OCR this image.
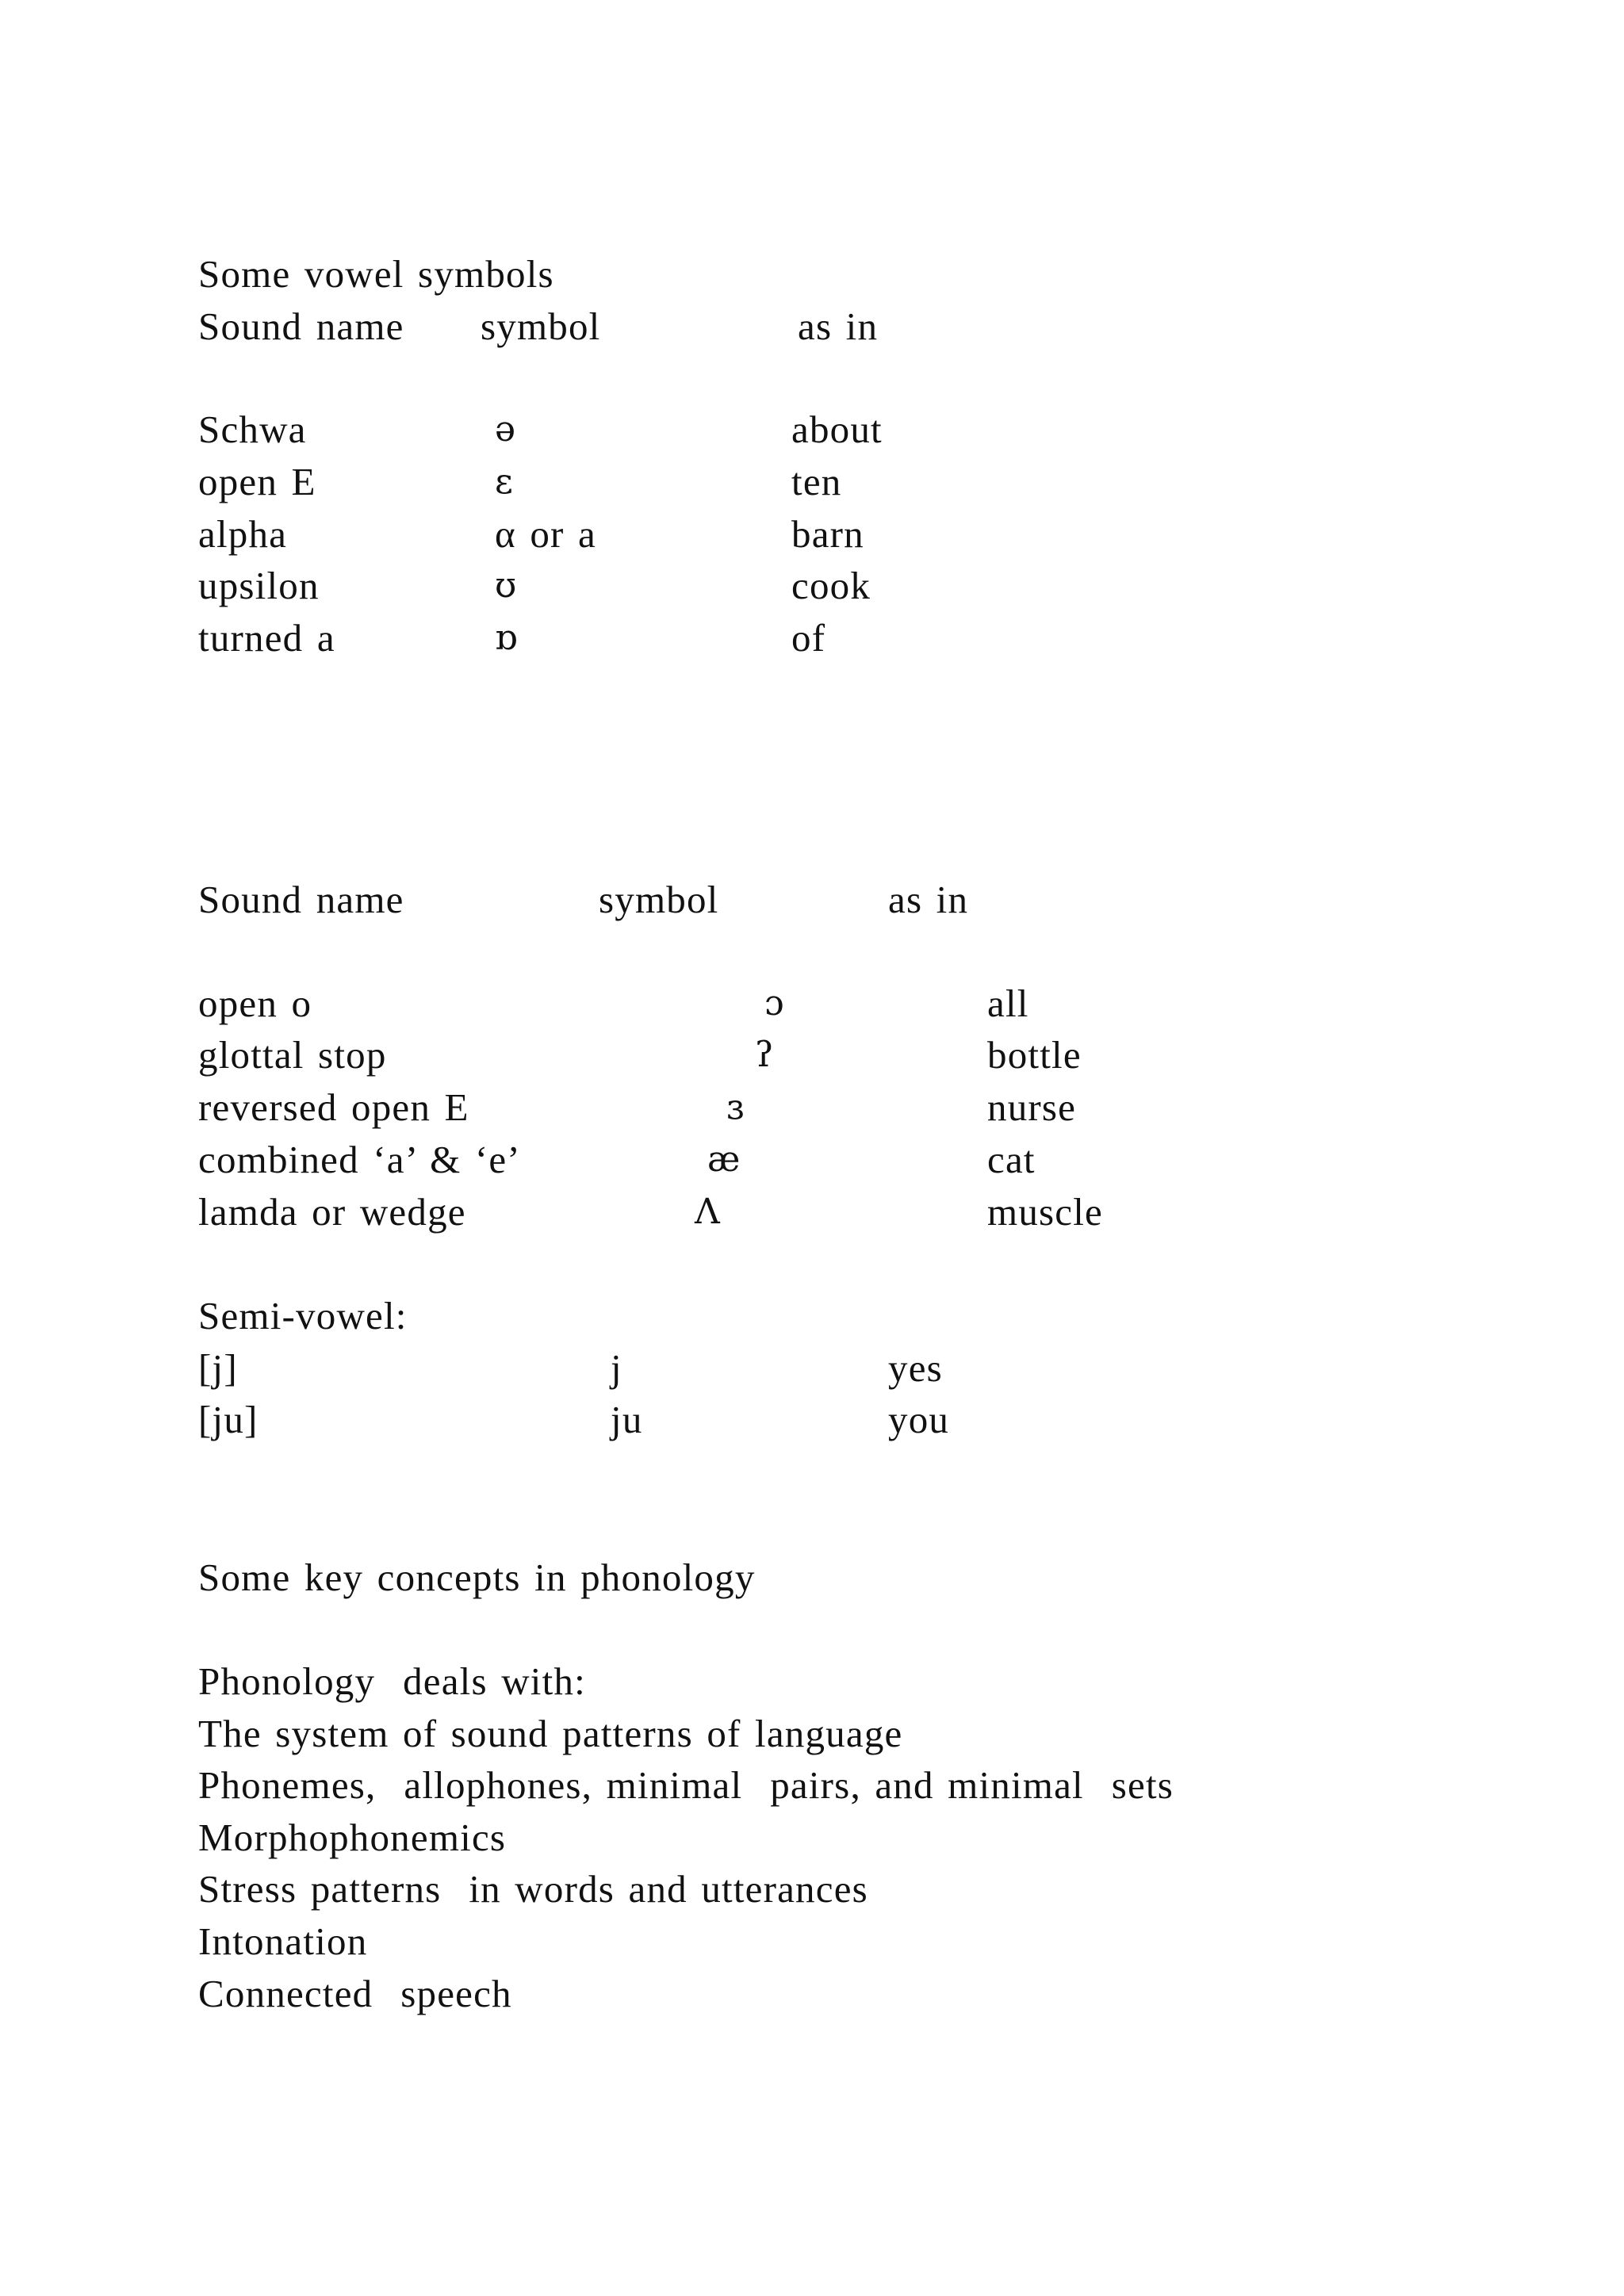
Some vowel symbols
Sound name symbol	as in
Schwa	ə	about
open E	ε	ten
alpha	α or a	barn
upsilon	ʊ	cook
turned a	ɒ	of
Sound name	symbol	as in
open o	ɔ	all
glottal stop	ʔ	bottle
reversed open E	ɜ	nurse
combined ‘a’ & ‘e’	æ	cat
lamda or wedge	Λ	muscle
Semi-vowel:
[j]	j	yes
[ju]	ju	you
Some key concepts in phonology
Phonology  deals with:
The system of sound patterns of language
Phonemes,  allophones, minimal  pairs, and minimal  sets
Morphophonemics
Stress patterns  in words and utterances
Intonation
Connected  speech
